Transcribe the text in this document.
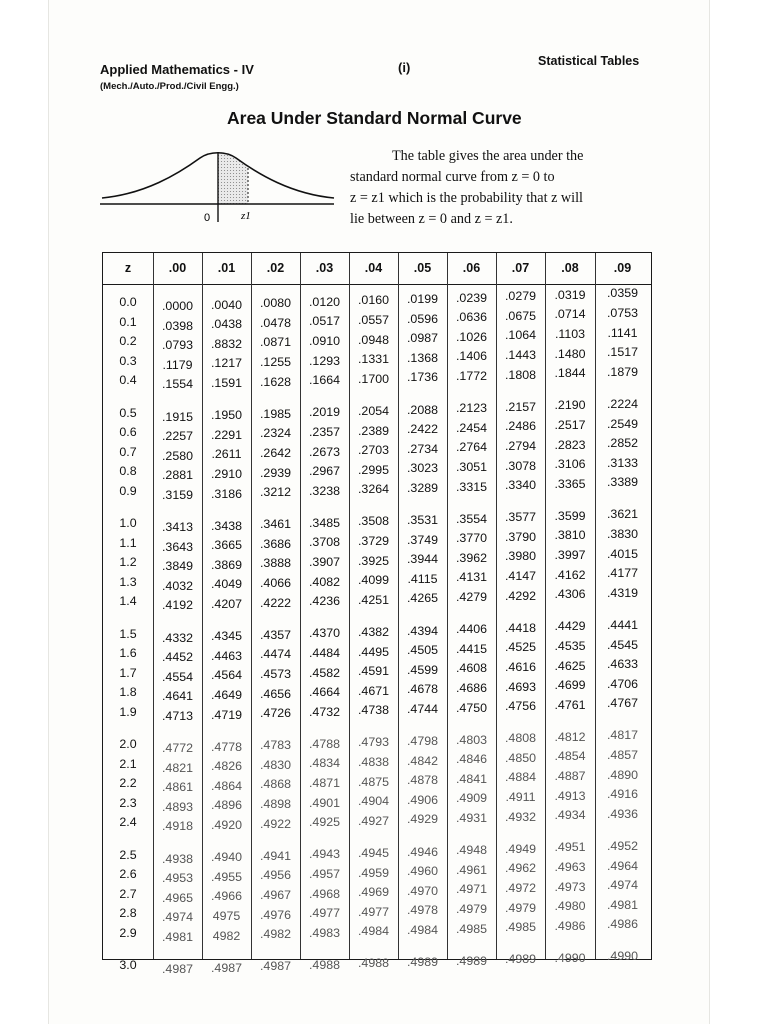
Applied Mathematics - IV
(Mech./Auto./Prod./Civil Engg.)
(i)	Statistical Tables
Area Under Standard Normal Curve
0	z1

The table gives the area under the

standard normal curve from z = 0 to

z = z1 which is the probability that z will

lie between z = 0 and z = z1.

z	.00	.01	.02	.03	.04	.05	.06	.07	.08	.09
0.0	.0000	.0040	.0080	.0120	.0160	.0199	.0239	.0279	.0319	.0359
0.1	.0398	.0438	.0478	.0517	.0557	.0596	.0636	.0675	.0714	.0753
0.2	.0793	.8832	.0871	.0910	.0948	.0987	.1026	.1064	.1103	.1141
0.3	.1179	.1217	.1255	.1293	.1331	.1368	.1406	.1443	.1480	.1517
0.4	.1554	.1591	.1628	.1664	.1700	.1736	.1772	.1808	.1844	.1879
0.5	.1915	.1950	.1985	.2019	.2054	.2088	.2123	.2157	.2190	.2224
0.6	.2257	.2291	.2324	.2357	.2389	.2422	.2454	.2486	.2517	.2549
0.7	.2580	.2611	.2642	.2673	.2703	.2734	.2764	.2794	.2823	.2852
0.8	.2881	.2910	.2939	.2967	.2995	.3023	.3051	.3078	.3106	.3133
0.9	.3159	.3186	.3212	.3238	.3264	.3289	.3315	.3340	.3365	.3389
1.0	.3413	.3438	.3461	.3485	.3508	.3531	.3554	.3577	.3599	.3621
1.1	.3643	.3665	.3686	.3708	.3729	.3749	.3770	.3790	.3810	.3830
1.2	.3849	.3869	.3888	.3907	.3925	.3944	.3962	.3980	.3997	.4015
1.3	.4032	.4049	.4066	.4082	.4099	.4115	.4131	.4147	.4162	.4177
1.4	.4192	.4207	.4222	.4236	.4251	.4265	.4279	.4292	.4306	.4319
1.5	.4332	.4345	.4357	.4370	.4382	.4394	.4406	.4418	.4429	.4441
1.6	.4452	.4463	.4474	.4484	.4495	.4505	.4415	.4525	.4535	.4545
1.7	.4554	.4564	.4573	.4582	.4591	.4599	.4608	.4616	.4625	.4633
1.8	.4641	.4649	.4656	.4664	.4671	.4678	.4686	.4693	.4699	.4706
1.9	.4713	.4719	.4726	.4732	.4738	.4744	.4750	.4756	.4761	.4767
2.0	.4772	.4778	.4783	.4788	.4793	.4798	.4803	.4808	.4812	.4817
2.1	.4821	.4826	.4830	.4834	.4838	.4842	.4846	.4850	.4854	.4857
2.2	.4861	.4864	.4868	.4871	.4875	.4878	.4841	.4884	.4887	.4890
2.3	.4893	.4896	.4898	.4901	.4904	.4906	.4909	.4911	.4913	.4916
2.4	.4918	.4920	.4922	.4925	.4927	.4929	.4931	.4932	.4934	.4936
2.5	.4938	.4940	.4941	.4943	.4945	.4946	.4948	.4949	.4951	.4952
2.6	.4953	.4955	.4956	.4957	.4959	.4960	.4961	.4962	.4963	.4964
2.7	.4965	.4966	.4967	.4968	.4969	.4970	.4971	.4972	.4973	.4974
2.8	.4974	4975	.4976	.4977	.4977	.4978	.4979	.4979	.4980	.4981
2.9	.4981	4982	.4982	.4983	.4984	.4984	.4985	.4985	.4986	.4986
3.0	.4987	.4987	.4987	.4988	.4988	.4989	.4989	.4989	.4990	.4990
